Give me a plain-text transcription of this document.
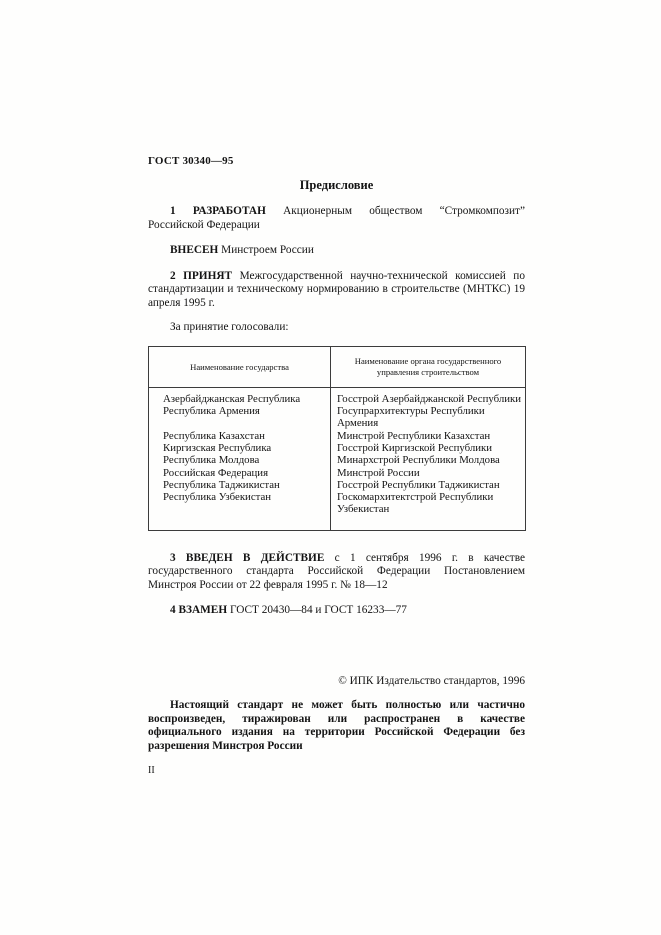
ГОСТ 30340—95
Предисловие

1 РАЗРАБОТАН Акционерным обществом “Стромкомпозит” Российской Федерации

ВНЕСЕН Минстроем России

2 ПРИНЯТ Межгосударственной научно-технической комиссией по стандартизации и техническому нормированию в строительстве (МНТКС) 19 апреля 1995 г.

За принятие голосовали:
Наименование государства	Наименование органа государственного управления строительством
Азербайджанская Республика	Госстрой Азербайджанской Республики
Республика Армения	Госупрархитектуры Республики Армения
Республика Казахстан	Минстрой Республики Казахстан
Киргизская Республика	Госстрой Киргизской Республики
Республика Молдова	Минархстрой Республики Молдова
Российская Федерация	Минстрой России
Республика Таджикистан	Госстрой Республики Таджикистан
Республика Узбекистан	Госкомархитектстрой Республики Узбекистан

3 ВВЕДЕН В ДЕЙСТВИЕ с 1 сентября 1996 г. в качестве государственного стандарта Российской Федерации Постановлением Минстроя России от 22 февраля 1995 г. № 18—12

4 ВЗАМЕН ГОСТ 20430—84 и ГОСТ 16233—77

© ИПК Издательство стандартов, 1996

Настоящий стандарт не может быть полностью или частично воспроизведен, тиражирован или распространен в качестве официального издания на территории Российской Федерации без разрешения Минстроя России

II
